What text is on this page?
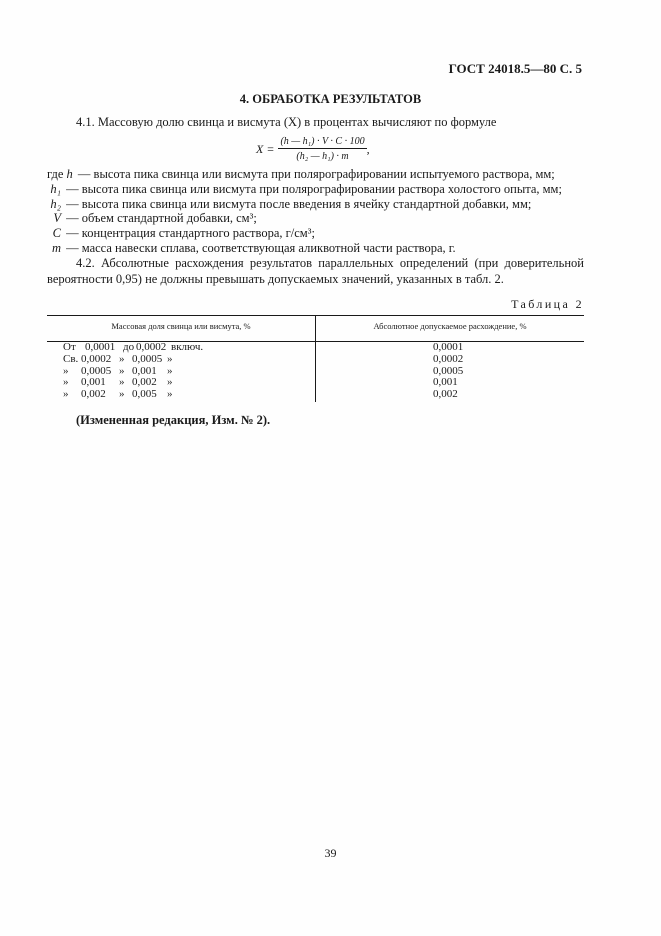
ГОСТ 24018.5—80 С. 5
4. ОБРАБОТКА РЕЗУЛЬТАТОВ
4.1. Массовую долю свинца и висмута (X) в процентах вычисляют по формуле
$X = \frac{\text{(h — h₁) · V · C · 100}}{\text{(h₂ — h₁) · m}}$ ,
где h — высота пика свинца или висмута при полярографировании испытуемого раствора, мм;
h₁ — высота пика свинца или висмута при полярографировании раствора холостого опыта, мм;
h₂ — высота пика свинца или висмута после введения в ячейку стандартной добавки, мм;
V — объем стандартной добавки, см³;
C — концентрация стандартного раствора, г/см³;
m — масса навески сплава, соответствующая аликвотной части раствора, г.
4.2. Абсолютные расхождения результатов параллельных определений (при доверительной
вероятности 0,95) не должны превышать допускаемых значений, указанных в табл. 2.
Таблица 2
Массовая доля свинца или висмута, %	Абсолютное допускаемое расхождение, %
От 0,0001 до 0,0002 включ.
Св. 0,0002 » 0,0005 »
» 0,0005 » 0,001 »
» 0,001 » 0,002 »
» 0,002 » 0,005 »
0,0001
0,0002
0,0005
0,001
0,002
(Измененная редакция, Изм. № 2).
39
